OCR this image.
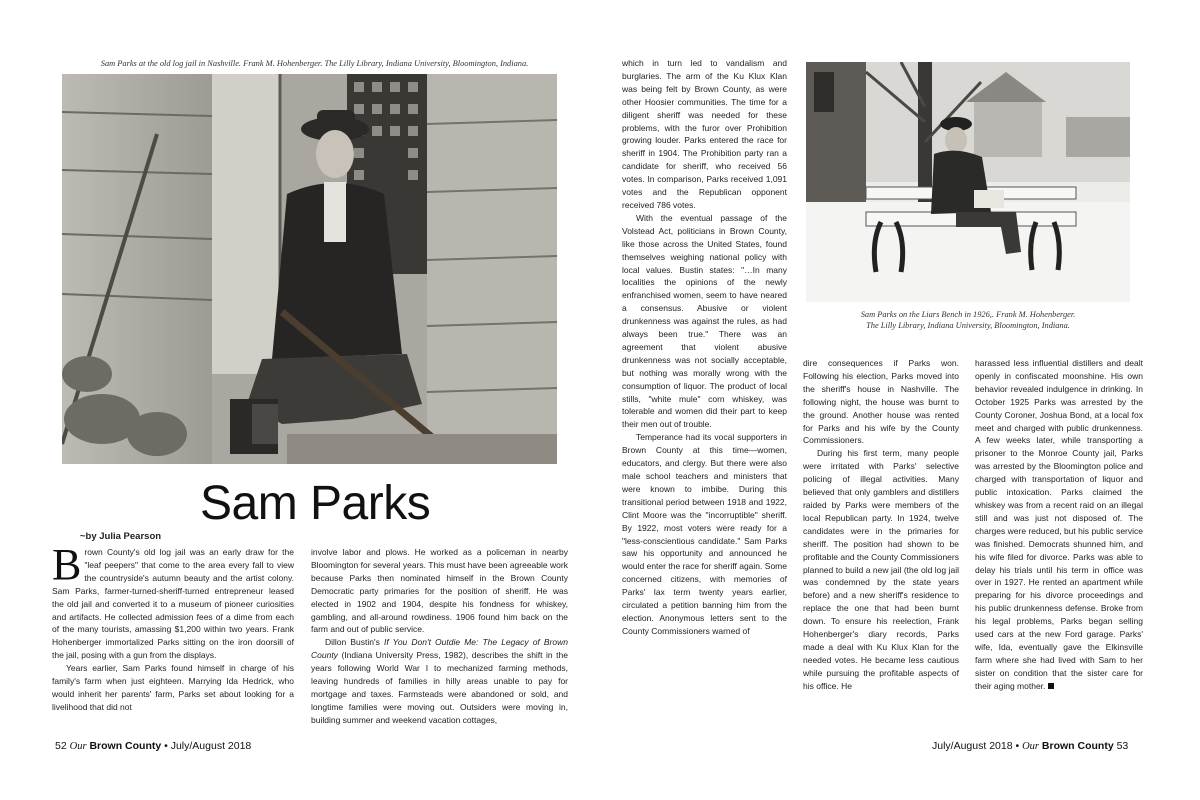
Sam Parks at the old log jail in Nashville. Frank M. Hohenberger. The Lilly Library, Indiana University, Bloomington, Indiana.
Sam Parks
~by Julia Pearson

Brown County's old log jail was an early draw for the "leaf peepers" that come to the area every fall to view the countryside's autumn beauty and the artist colony. Sam Parks, farmer-turned-sheriff-turned entrepreneur leased the old jail and converted it to a museum of pioneer curiosities and artifacts. He collected admission fees of a dime from each of the many tourists, amassing $1,200 within two years. Frank Hohenberger immortalized Parks sitting on the iron doorsill of the jail, posing with a gun from the displays.

Years earlier, Sam Parks found himself in charge of his family's farm when just eighteen. Marrying Ida Hedrick, who would inherit her parents' farm, Parks set about looking for a livelihood that did not

involve labor and plows. He worked as a policeman in nearby Bloomington for several years. This must have been agreeable work because Parks then nominated himself in the Brown County Democratic party primaries for the position of sheriff. He was elected in 1902 and 1904, despite his fondness for whiskey, gambling, and all-around rowdiness. 1906 found him back on the farm and out of public service.

Dillon Bustin's If You Don't Outdie Me: The Legacy of Brown County (Indiana University Press, 1982), describes the shift in the years following World War I to mechanized farming methods, leaving hundreds of families in hilly areas unable to pay for mortgage and taxes. Farmsteads were abandoned or sold, and longtime families were moving out. Outsiders were moving in, building summer and weekend vacation cottages,

52 Our Brown County • July/August 2018

which in turn led to vandalism and burglaries. The arm of the Ku Klux Klan was being felt by Brown County, as were other Hoosier communities. The time for a diligent sheriff was needed for these problems, with the furor over Prohibition growing louder. Parks entered the race for sheriff in 1904. The Prohibition party ran a candidate for sheriff, who received 56 votes. In comparison, Parks received 1,091 votes and the Republican opponent received 786 votes.

With the eventual passage of the Volstead Act, politicians in Brown County, like those across the United States, found themselves weighing national policy with local values. Bustin states: "…In many localities the opinions of the newly enfranchised women, seem to have neared a consensus. Abusive or violent drunkenness was against the rules, as had always been true." There was an agreement that violent abusive drunkenness was not socially acceptable, but nothing was morally wrong with the consumption of liquor. The product of local stills, "white mule" corn whiskey, was tolerable and women did their part to keep their men out of trouble.

Temperance had its vocal supporters in Brown County at this time—women, educators, and clergy. But there were also male school teachers and ministers that were known to imbibe. During this transitional period between 1918 and 1922, Clint Moore was the "incorruptible" sheriff. By 1922, most voters were ready for a "less-conscientious candidate." Sam Parks saw his opportunity and announced he would enter the race for sheriff again. Some concerned citizens, with memories of Parks' lax term twenty years earlier, circulated a petition banning him from the election. Anonymous letters sent to the County Commissioners warned of

Sam Parks on the Liars Bench in 1926,. Frank M. Hohenberger.
The Lilly Library, Indiana University, Bloomington, Indiana.

dire consequences if Parks won. Following his election, Parks moved into the sheriff's house in Nashville. The following night, the house was burnt to the ground. Another house was rented for Parks and his wife by the County Commissioners.

During his first term, many people were irritated with Parks' selective policing of illegal activities. Many believed that only gamblers and distillers raided by Parks were members of the local Republican party. In 1924, twelve candidates were in the primaries for sheriff. The position had shown to be profitable and the County Commissioners planned to build a new jail (the old log jail was condemned by the state years before) and a new sheriff's residence to replace the one that had been burnt down. To ensure his reelection, Frank Hohenberger's diary records, Parks made a deal with Ku Klux Klan for the needed votes. He became less cautious while pursuing the profitable aspects of his office. He

harassed less influential distillers and dealt openly in confiscated moonshine. His own behavior revealed indulgence in drinking. In October 1925 Parks was arrested by the County Coroner, Joshua Bond, at a local fox meet and charged with public drunkenness. A few weeks later, while transporting a prisoner to the Monroe County jail, Parks was arrested by the Bloomington police and charged with transportation of liquor and public intoxication. Parks claimed the whiskey was from a recent raid on an illegal still and was just not disposed of. The charges were reduced, but his public service was finished. Democrats shunned him, and his wife filed for divorce. Parks was able to delay his trials until his term in office was over in 1927. He rented an apartment while preparing for his divorce proceedings and his public drunkenness defense. Broke from his legal problems, Parks began selling used cars at the new Ford garage. Parks' wife, Ida, eventually gave the Elkinsville farm where she had lived with Sam to her sister on condition that the sister care for their aging mother.

July/August 2018 • Our Brown County 53
